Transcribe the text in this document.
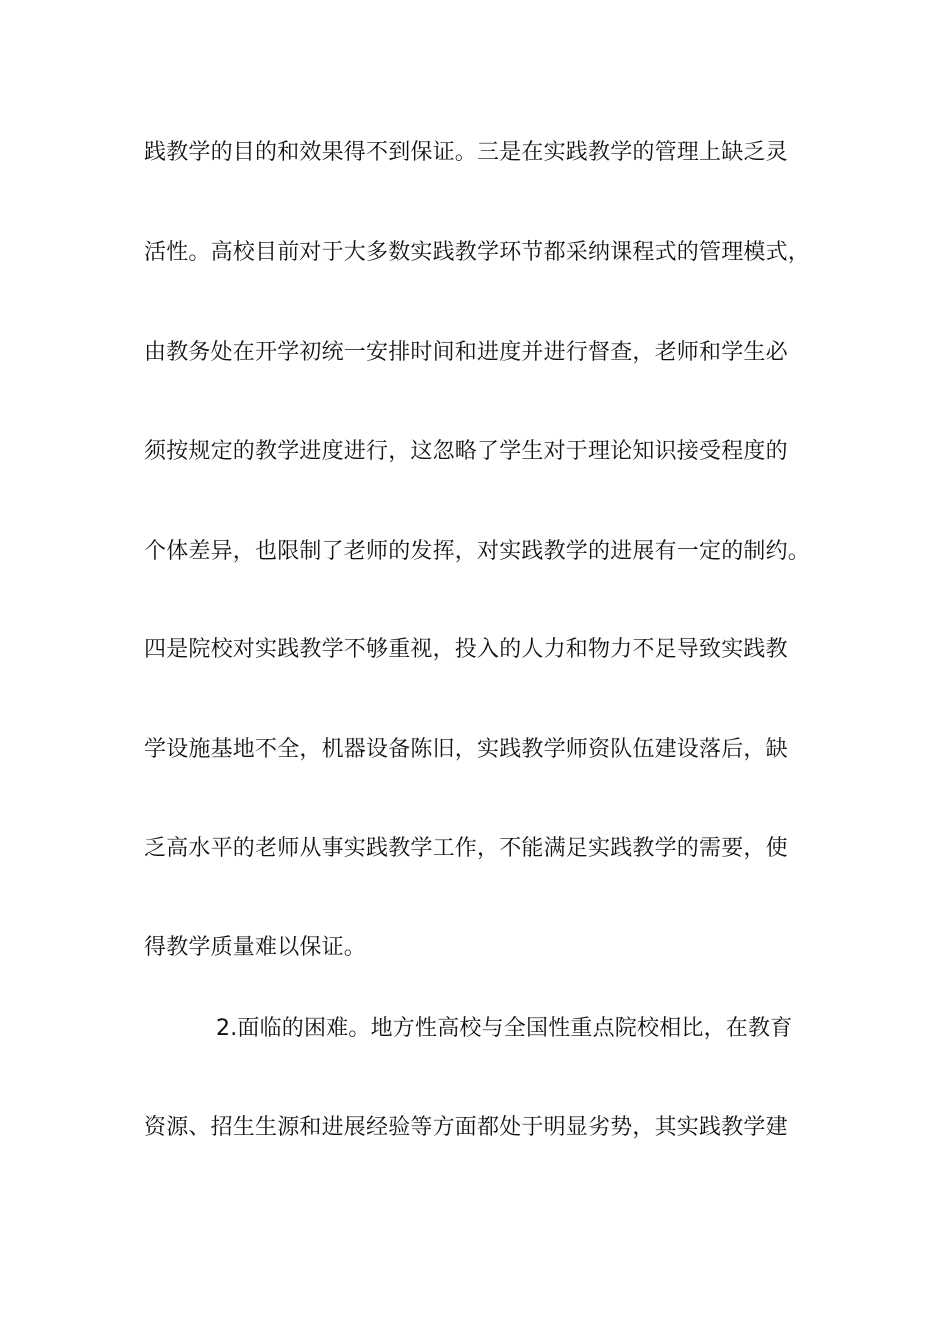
践教学的目的和效果得不到保证。三是在实践教学的管理上缺乏灵
活性。高校目前对于大多数实践教学环节都采纳课程式的管理模式，
由教务处在开学初统一安排时间和进度并进行督查，老师和学生必
须按规定的教学进度进行，这忽略了学生对于理论知识接受程度的
个体差异，也限制了老师的发挥，对实践教学的进展有一定的制约。
四是院校对实践教学不够重视，投入的人力和物力不足导致实践教
学设施基地不全，机器设备陈旧，实践教学师资队伍建设落后，缺
乏高水平的老师从事实践教学工作，不能满足实践教学的需要，使
得教学质量难以保证。
2.面临的困难。地方性高校与全国性重点院校相比，在教育
资源、招生生源和进展经验等方面都处于明显劣势，其实践教学建
